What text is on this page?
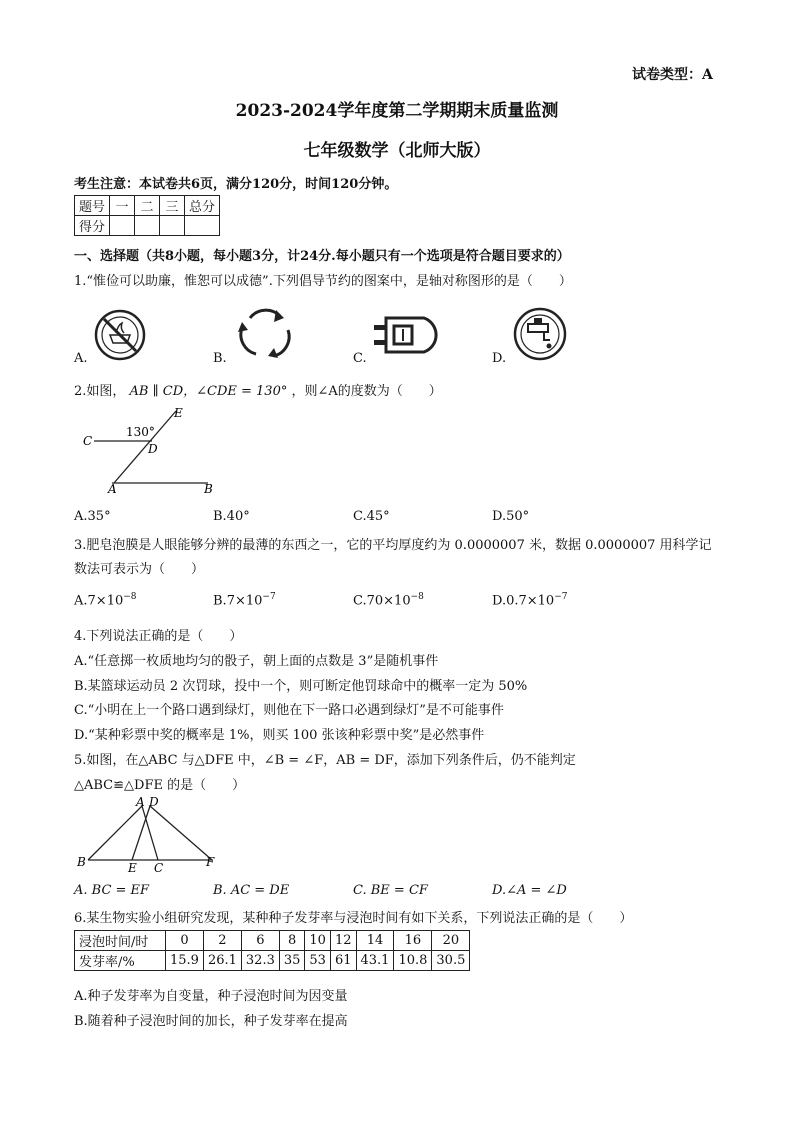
试卷类型：A
2023-2024学年度第二学期期末质量监测
七年级数学（北师大版）
考生注意：本试卷共6页，满分120分，时间120分钟。
题号	一	二	三	总分
得分				
一、选择题（共8小题，每小题3分，计24分.每小题只有一个选项是符合题目要求的）
1.“惟俭可以助廉，惟恕可以成德”.下列倡导节约的图案中，是轴对称图形的是（　　）
A.	B.	C.	D.
2.如图， AB ∥ CD，∠CDE = 130° ，则∠A的度数为（　　）
E
C
D
A	B
130°
A.35°	B.40°	C.45°	D.50°
3.肥皂泡膜是人眼能够分辨的最薄的东西之一，它的平均厚度约为 0.0000007 米，数据 0.0000007 用科学记
数法可表示为（　　）
$A.7\times 10^{-8}$	$B.7\times 10^{-7}$	$C.70\times 10^{-8}$	$D.0.7\times 10^{-7}$
4.下列说法正确的是（　　）
A.“任意掷一枚质地均匀的骰子，朝上面的点数是 3”是随机事件
B.某篮球运动员 2 次罚球，投中一个，则可断定他罚球命中的概率一定为 50%
C.“小明在上一个路口遇到绿灯，则他在下一路口必遇到绿灯”是不可能事件
D.“某种彩票中奖的概率是 1%，则买 100 张该种彩票中奖”是必然事件
5.如图，在△ABC 与△DFE 中，∠B = ∠F，AB = DF，添加下列条件后，仍不能判定
△ABC≌△DFE 的是（　　）
A D
B	E C	F
A. BC = EF	B. AC = DE	C. BE = CF	D.∠A = ∠D
6.某生物实验小组研究发现，某种种子发芽率与浸泡时间有如下关系，下列说法正确的是（　　）
浸泡时间/时	0	2	6	8	10	12	14	16	20
发芽率/%	15.9	26.1	32.3	35	53	61	43.1	10.8	30.5
A.种子发芽率为自变量，种子浸泡时间为因变量
B.随着种子浸泡时间的加长，种子发芽率在提高
